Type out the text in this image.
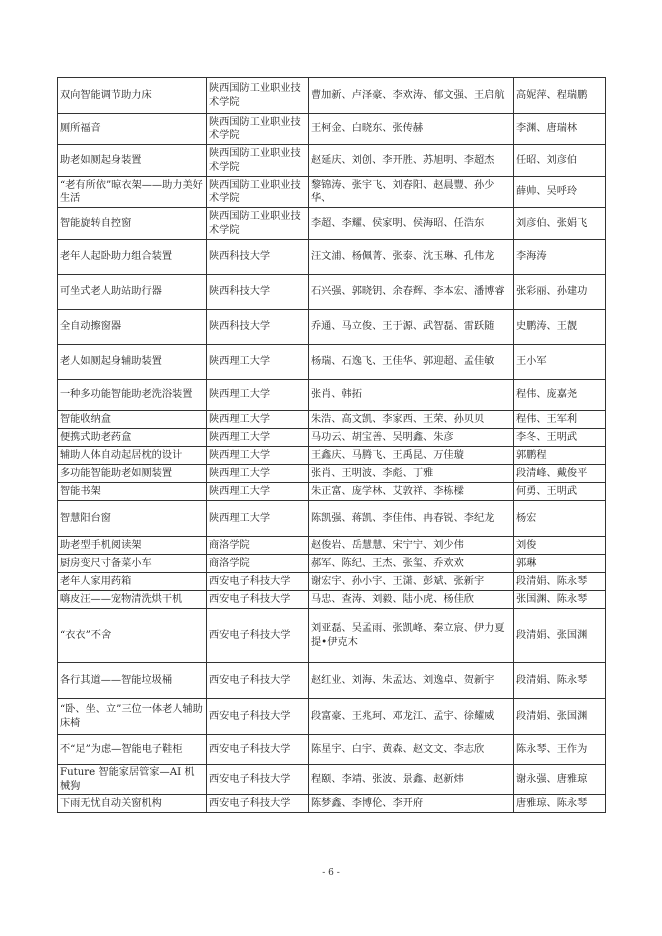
双向智能调节助力床	陕西国防工业职业技术学院	曹加新、卢泽豪、李欢涛、郁文强、王启航	高妮萍、程瑞鹏
厕所福音	陕西国防工业职业技术学院	王柯金、白晓东、张传赫	李渊、唐瑞林
助老如厕起身装置	陕西国防工业职业技术学院	赵延庆、刘创、李开胜、苏旭明、李超杰	任昭、刘彦伯
“老有所依”晾衣架——助力美好生活	陕西国防工业职业技术学院	黎锦涛、张宇飞、刘春阳、赵晨豐、孙少华、	薛帅、吴呼玲
智能旋转自控窗	陕西国防工业职业技术学院	李超、李耀、侯家明、侯海昭、任浩东	刘彦伯、张娟飞
老年人起卧助力组合装置	陕西科技大学	汪文浦、杨佩菁、张泰、沈玉琳、孔伟龙	李海涛
可坐式老人助站助行器	陕西科技大学	石兴强、郭晓钥、余春辉、李本宏、潘博睿	张彩丽、孙建功
全自动擦窗器	陕西科技大学	乔通、马立俊、王于源、武智磊、雷跃随	史鹏涛、王靓
老人如厕起身辅助装置	陕西理工大学	杨瑞、石逸飞、王佳华、郭迎超、孟佳敏	王小军
一种多功能智能助老洗浴装置	陕西理工大学	张肖、韩拓	程伟、庞嘉尧
智能收纳盒	陕西理工大学	朱浩、高文凯、李家西、王荣、孙贝贝	程伟、王军利
便携式助老药盒	陕西理工大学	马功云、胡宝善、吴明鑫、朱彦	李冬、王明武
辅助人体自动起居枕的设计	陕西理工大学	王鑫庆、马腾飞、王禹昆、万佳璇	郭鹏程
多功能智能助老如厕装置	陕西理工大学	张肖、王明波、李彪、丁雅	段清峰、戴俊平
智能书架	陕西理工大学	朱正富、庞学林、艾敦祥、李栋樑	何勇、王明武
智慧阳台窗	陕西理工大学	陈凯强、蒋凯、李佳伟、冉春锐、李纪龙	杨宏
助老型手机阅读架	商洛学院	赵俊岩、岳慧慧、宋宁宁、刘少伟	刘俊
厨房变尺寸备菜小车	商洛学院	郝军、陈纪、王杰、张玺、乔欢欢	郭琳
老年人家用药箱	西安电子科技大学	谢宏宇、孙小宇、王潇、彭斌、张新宇	段清娟、陈永琴
嗨皮汪——宠物清洗烘干机	西安电子科技大学	马忠、查涛、刘毅、陆小虎、杨佳欣	张国渊、陈永琴
“衣衣”不舍	西安电子科技大学	刘亚磊、吴孟雨、张凯峰、秦立宸、伊力夏提•伊克木	段清娟、张国渊
各行其道——智能垃圾桶	西安电子科技大学	赵红业、刘海、朱孟达、刘逸卓、贺新宇	段清娟、陈永琴
“卧、坐、立”三位一体老人辅助床椅	西安电子科技大学	段富豪、王兆珂、邓龙江、孟宇、徐耀威	段清娟、张国渊
不“足”为虑—智能电子鞋柜	西安电子科技大学	陈星宇、白宇、黄森、赵文文、李志欣	陈永琴、王作为
Future 智能家居管家—AI 机械狗	西安电子科技大学	程颐、李靖、张波、景鑫、赵新炜	谢永强、唐雅琼
下雨无忧自动关窗机构	西安电子科技大学	陈梦鑫、李博伦、李开府	唐雅琼、陈永琴
- 6 -
